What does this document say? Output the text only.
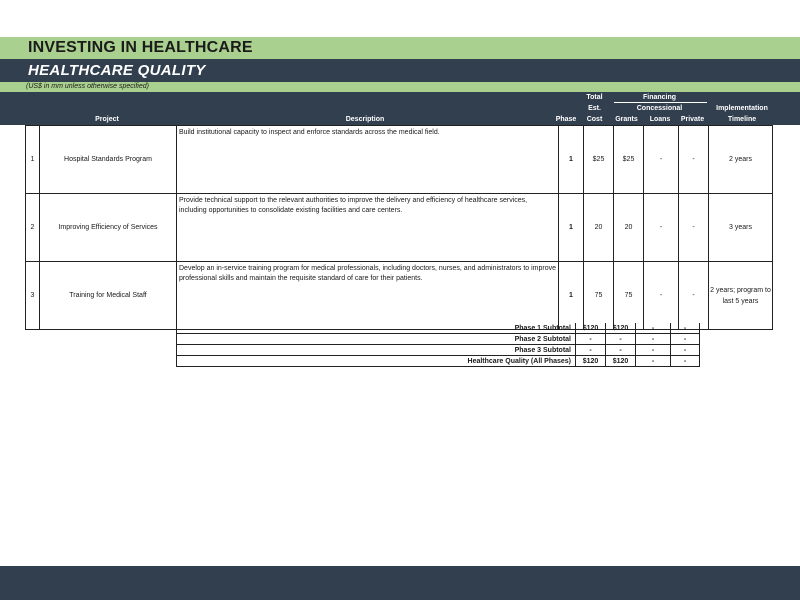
INVESTING IN HEALTHCARE
HEALTHCARE QUALITY
(US$ in mm unless otherwise specified)
Project	Description	Phase
Total
Est.
Cost
Financing
Concessional
Grants	Loans	Private
Implementation
Timeline
1	Hospital Standards Program	Build institutional capacity to inspect and enforce standards across the medical field.	1	$25	$25	-	-	2 years
2	Improving Efficiency of Services	Provide technical support to the relevant authorities to improve the delivery and efficiency of healthcare services, including opportunities to consolidate existing facilities and care centers.	1	20	20	-	-	3 years
3	Training for Medical Staff	Develop an in-service training program for medical professionals, including doctors, nurses, and administrators to improve professional skills and maintain the requisite standard of care for their patients.	1	75	75	-	-	2 years; program to last 5 years
Phase 1 Subtotal	$120	$120	-	-
Phase 2 Subtotal	-	-	-	-
Phase 3 Subtotal	-	-	-	-
Healthcare Quality (All Phases)	$120	$120	-	-
